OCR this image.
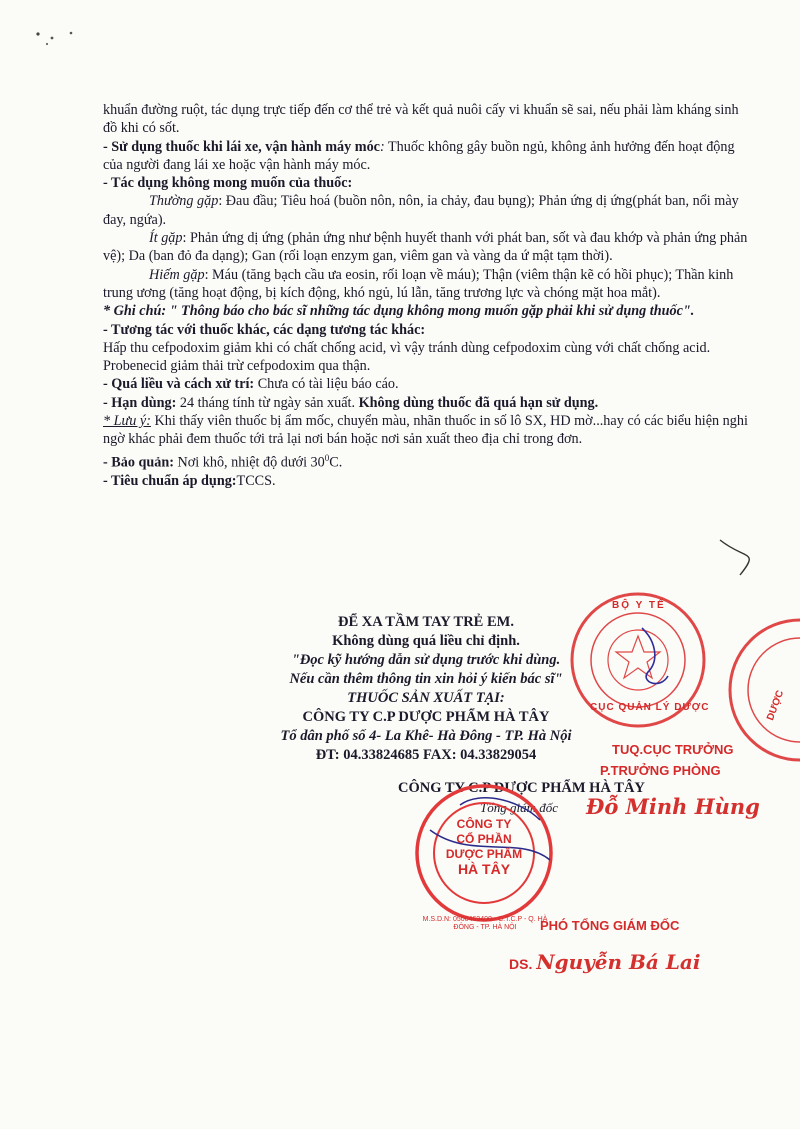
khuẩn đường ruột, tác dụng trực tiếp đến cơ thể trẻ và kết quả nuôi cấy vi khuẩn sẽ sai, nếu phải làm kháng sinh đồ khi có sốt.

- Sử dụng thuốc khi lái xe, vận hành máy móc: Thuốc không gây buồn ngủ, không ảnh hưởng đến hoạt động của người đang lái xe hoặc vận hành máy móc.

- Tác dụng không mong muốn của thuốc:

Thường gặp: Đau đầu; Tiêu hoá (buồn nôn, nôn, ỉa chảy, đau bụng); Phản ứng dị ứng(phát ban, nổi mày đay, ngứa).

Ít gặp: Phản ứng dị ứng (phản ứng như bệnh huyết thanh với phát ban, sốt và đau khớp và phản ứng phản vệ); Da (ban đỏ đa dạng); Gan (rối loạn enzym gan, viêm gan và vàng da ứ mật tạm thời).

Hiếm gặp: Máu (tăng bạch cầu ưa eosin, rối loạn về máu); Thận (viêm thận kẽ có hồi phục); Thần kinh trung ương (tăng hoạt động, bị kích động, khó ngủ, lú lẫn, tăng trương lực và chóng mặt hoa mắt).

* Ghi chú: " Thông báo cho bác sĩ những tác dụng không mong muốn gặp phải khi sử dụng thuốc".

- Tương tác với thuốc khác, các dạng tương tác khác:

Hấp thu cefpodoxim giảm khi có chất chống acid, vì vậy tránh dùng cefpodoxim cùng với chất chống acid.

Probenecid giảm thải trừ cefpodoxim qua thận.

- Quá liều và cách xử trí: Chưa có tài liệu báo cáo.

- Hạn dùng: 24 tháng tính từ ngày sản xuất. Không dùng thuốc đã quá hạn sử dụng.

* Lưu ý: Khi thấy viên thuốc bị ẩm mốc, chuyển màu, nhãn thuốc in số lô SX, HD mờ...hay có các biểu hiện nghi ngờ khác phải đem thuốc tới trả lại nơi bán hoặc nơi sản xuất theo địa chỉ trong đơn.

- Bảo quản: Nơi khô, nhiệt độ dưới $30^0C$.

- Tiêu chuẩn áp dụng:TCCS.

ĐỂ XA TẦM TAY TRẺ EM.

Không dùng quá liều chỉ định.

"Đọc kỹ hướng dẫn sử dụng trước khi dùng.

Nếu cần thêm thông tin xin hỏi ý kiến bác sĩ"

THUỐC SẢN XUẤT TẠI:

CÔNG TY C.P DƯỢC PHẨM HÀ TÂY

Tổ dân phố số 4- La Khê- Hà Đông - TP. Hà Nội

ĐT: 04.33824685 FAX: 04.33829054

CÔNG TY C.P DƯỢC PHẨM HÀ TÂY
Tổng giám đốc
BỘ Y TẾ
CỤC QUẢN LÝ DƯỢC	DƯỢC
TUQ.CỤC TRƯỞNG
P.TRƯỞNG PHÒNG
Đỗ Minh Hùng

CÔNG TY

CỔ PHẦN

DƯỢC PHẨM

HÀ TÂY

M.S.D.N: 0500463400 - C.T.C.P - Q. HÀ ĐÔNG - TP. HÀ NỘI	PHÓ TỔNG GIÁM ĐỐC
DS. Nguyễn Bá Lai
